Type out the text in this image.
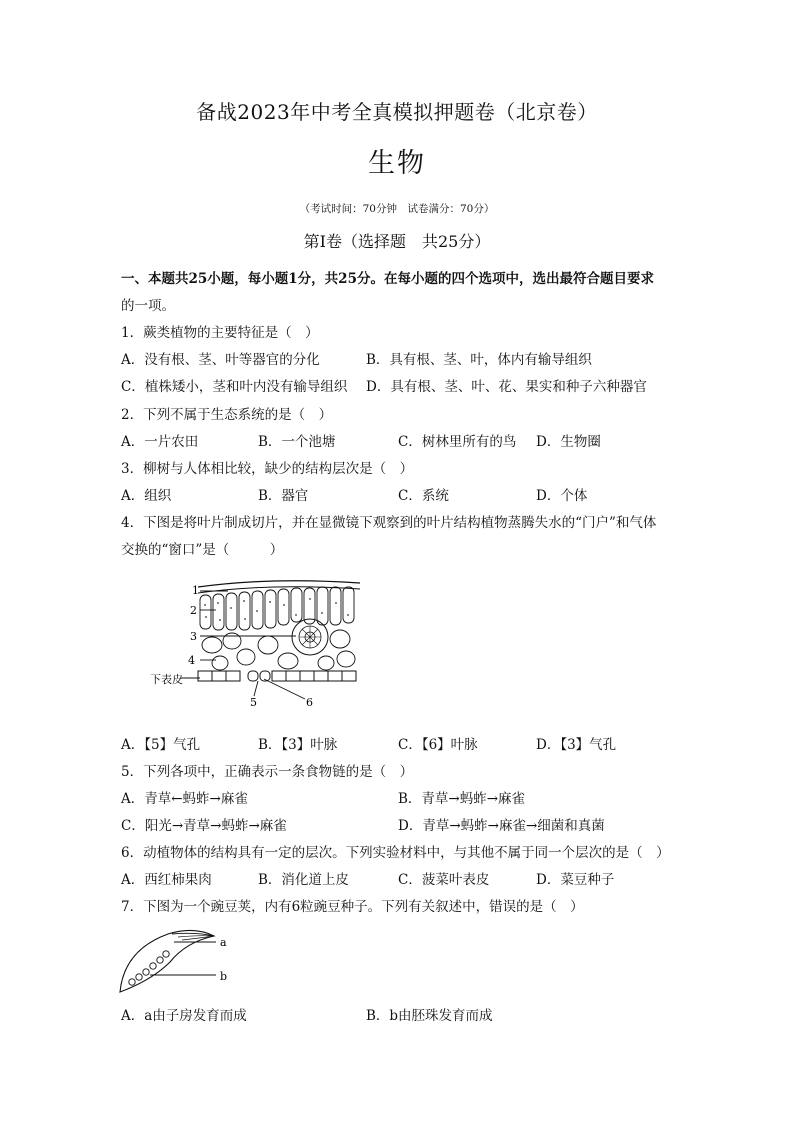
备战2023年中考全真模拟押题卷（北京卷）
生物
（考试时间：70分钟　试卷满分：70分）
第Ⅰ卷（选择题　共25分）
一、本题共25小题，每小题1分，共25分。在每小题的四个选项中，选出最符合题目要求
的一项。
1．蕨类植物的主要特征是（　）
A．没有根、茎、叶等器官的分化	B．具有根、茎、叶，体内有输导组织
C．植株矮小，茎和叶内没有输导组织 D．具有根、茎、叶、花、果实和种子六种器官
2．下列不属于生态系统的是（　）
A．一片农田	B．一个池塘	C．树林里所有的鸟 D．生物圈
3．柳树与人体相比较，缺少的结构层次是（　）
A．组织	B．器官	C．系统	D．个体
4．下图是将叶片制成切片，并在显微镜下观察到的叶片结构植物蒸腾失水的“门户”和气体
交换的“窗口”是（　　　）
1
2
3
4
下表皮
5	6
A．【5】气孔	B．【3】叶脉	C．【6】叶脉	D．【3】气孔
5．下列各项中，正确表示一条食物链的是（　）
A．青草←蚂蚱→麻雀	B．青草→蚂蚱→麻雀
C．阳光→青草→蚂蚱→麻雀	D．青草→蚂蚱→麻雀→细菌和真菌
6．动植物体的结构具有一定的层次。下列实验材料中，与其他不属于同一个层次的是（　）
A．西红柿果肉	B．消化道上皮	C．菠菜叶表皮	D．菜豆种子
7．下图为一个豌豆荚，内有6粒豌豆种子。下列有关叙述中，错误的是（　）
a
b
A．a由子房发育而成	B．b由胚珠发育而成
